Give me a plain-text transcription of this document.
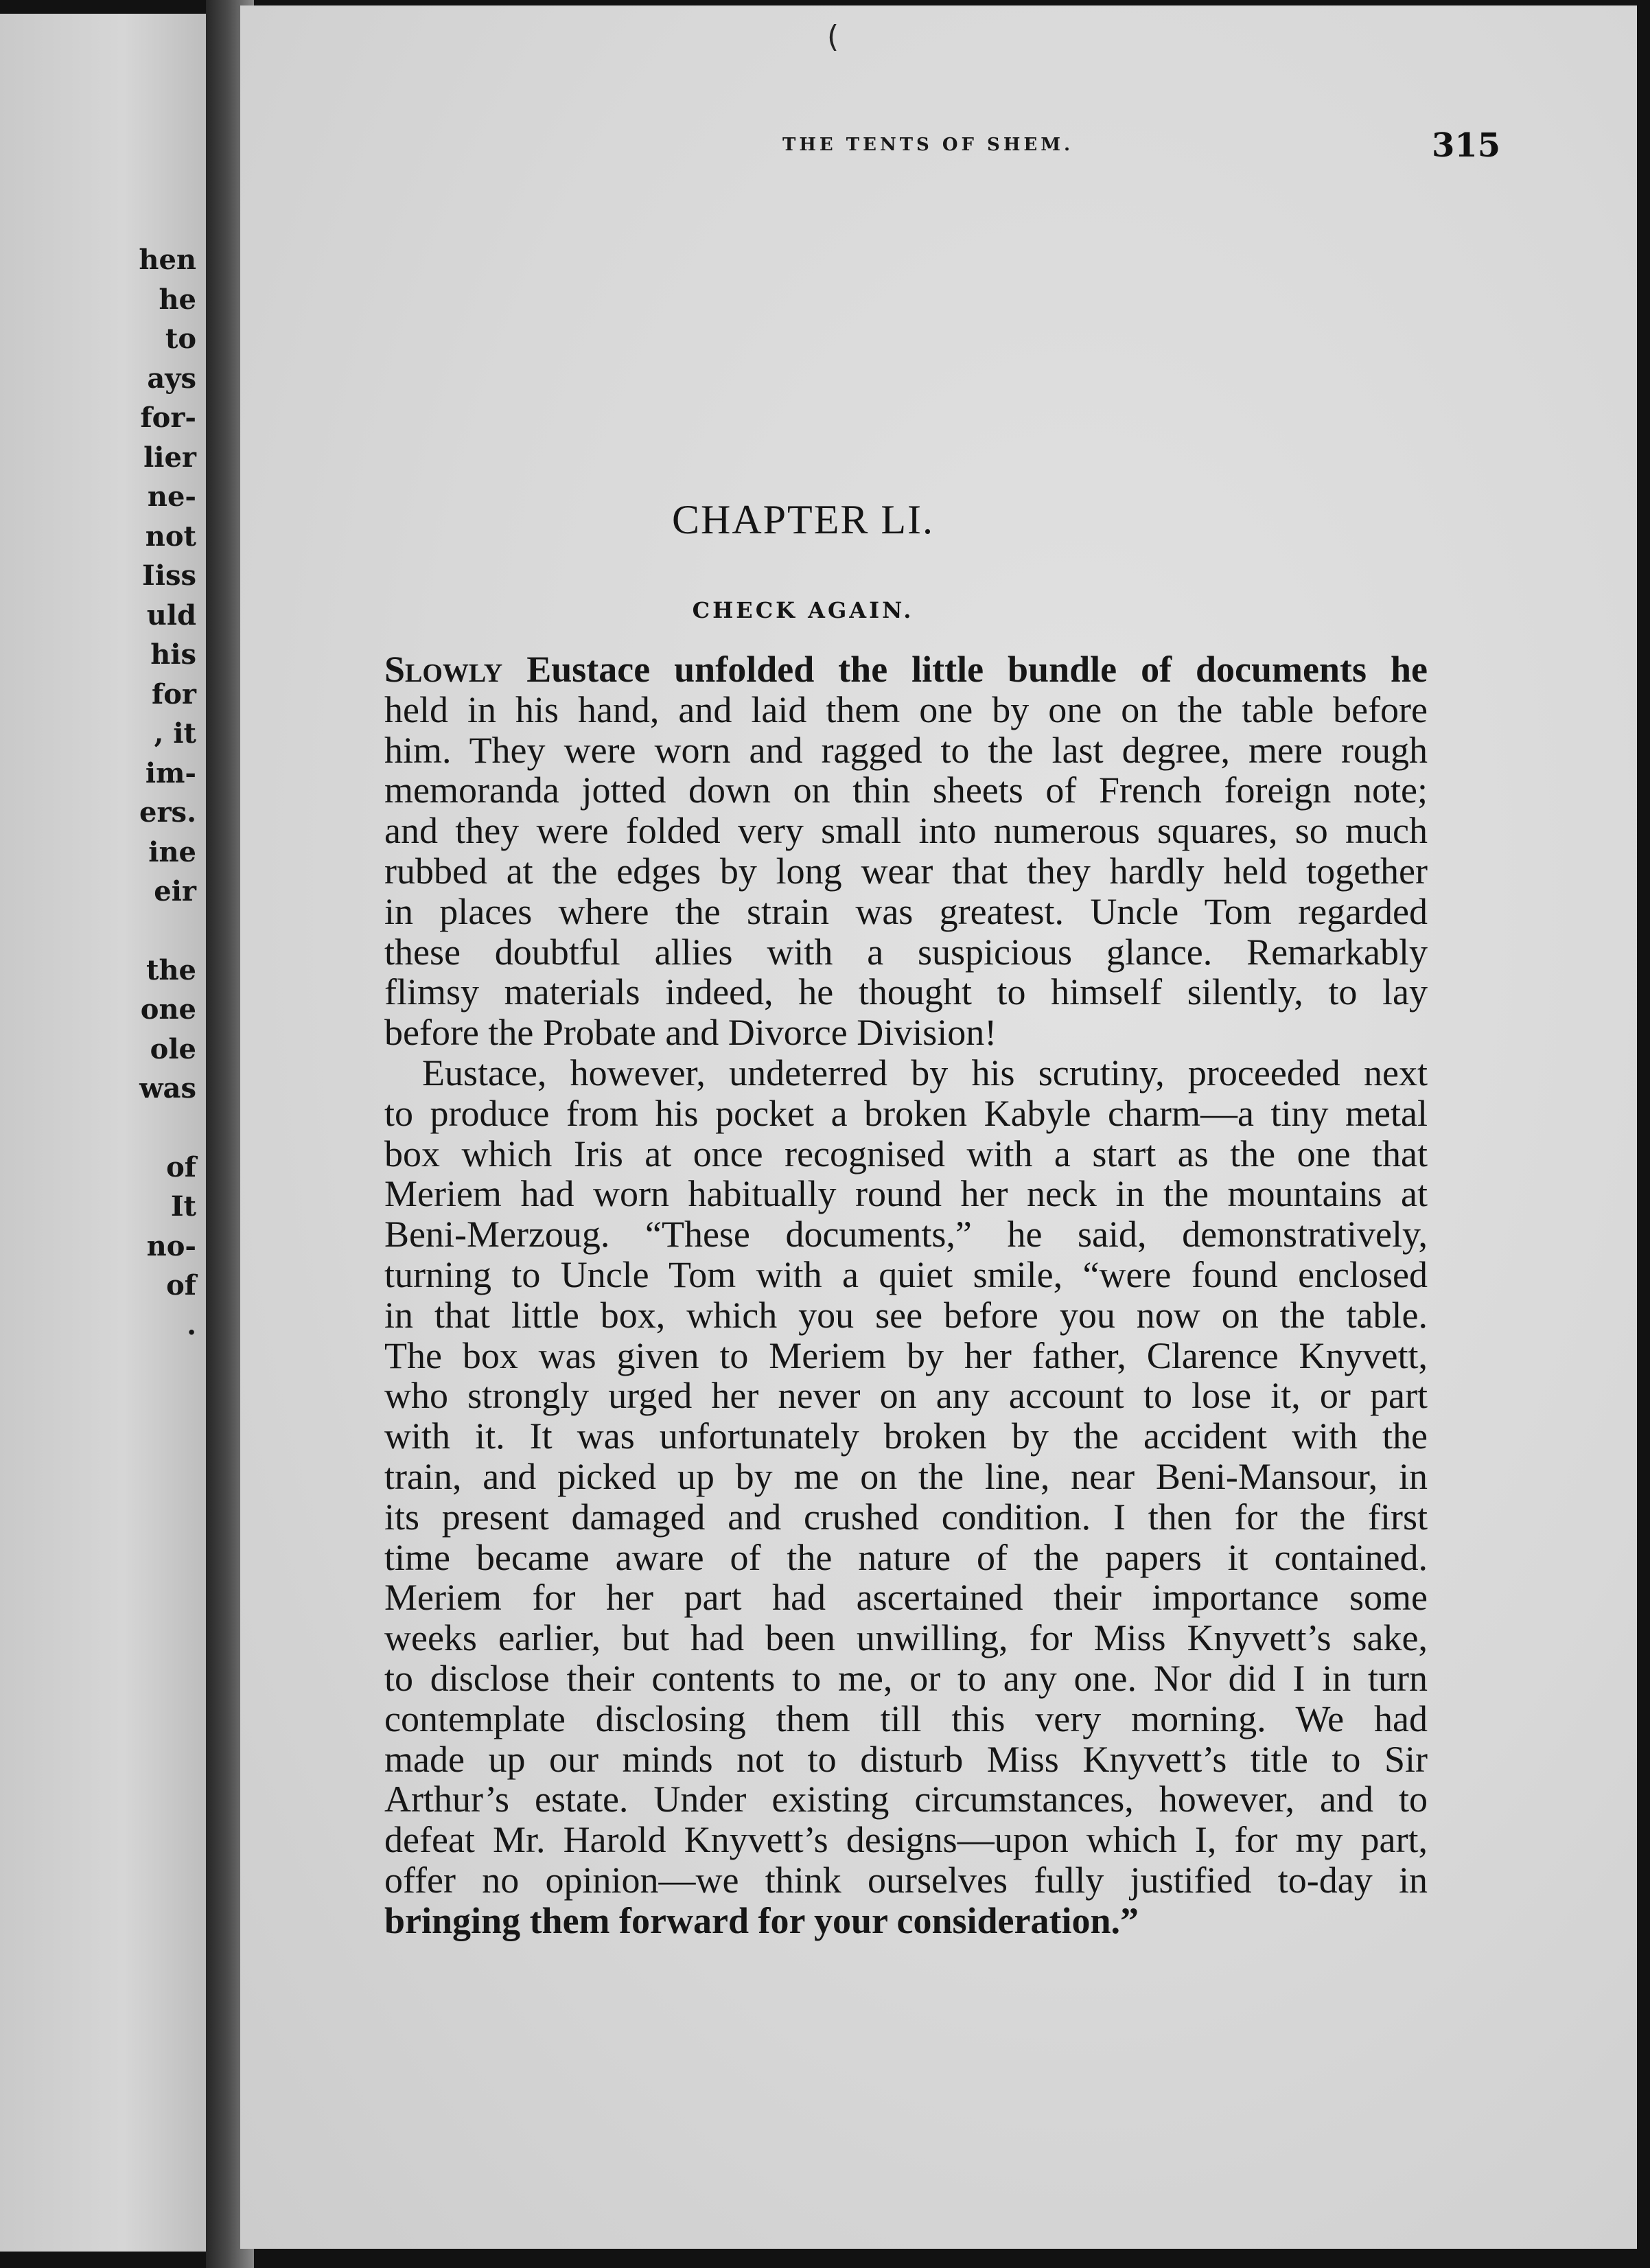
hen
he
to
ays
for-
lier
ne-
not
Iiss
uld
his
for
, it
im-
ers.
ine
eir
the
one
ole
was
of
It
no-
of
.
THE TENTS OF SHEM.	315
CHAPTER LI.
CHECK AGAIN.
Slowly Eustace unfolded the little bundle of documents he
held in his hand, and laid them one by one on the table before
him. They were worn and ragged to the last degree, mere rough
memoranda jotted down on thin sheets of French foreign note;
and they were folded very small into numerous squares, so much
rubbed at the edges by long wear that they hardly held together
in places where the strain was greatest. Uncle Tom regarded
these doubtful allies with a suspicious glance. Remarkably
flimsy materials indeed, he thought to himself silently, to lay
before the Probate and Divorce Division!
Eustace, however, undeterred by his scrutiny, proceeded next
to produce from his pocket a broken Kabyle charm—a tiny metal
box which Iris at once recognised with a start as the one that
Meriem had worn habitually round her neck in the mountains at
Beni-Merzoug. “These documents,” he said, demonstratively,
turning to Uncle Tom with a quiet smile, “were found enclosed
in that little box, which you see before you now on the table.
The box was given to Meriem by her father, Clarence Knyvett,
who strongly urged her never on any account to lose it, or part
with it. It was unfortunately broken by the accident with the
train, and picked up by me on the line, near Beni-Mansour, in
its present damaged and crushed condition. I then for the first
time became aware of the nature of the papers it contained.
Meriem for her part had ascertained their importance some
weeks earlier, but had been unwilling, for Miss Knyvett’s sake,
to disclose their contents to me, or to any one. Nor did I in turn
contemplate disclosing them till this very morning. We had
made up our minds not to disturb Miss Knyvett’s title to Sir
Arthur’s estate. Under existing circumstances, however, and to
defeat Mr. Harold Knyvett’s designs—upon which I, for my part,
offer no opinion—we think ourselves fully justified to-day in
bringing them forward for your consideration.”
(
